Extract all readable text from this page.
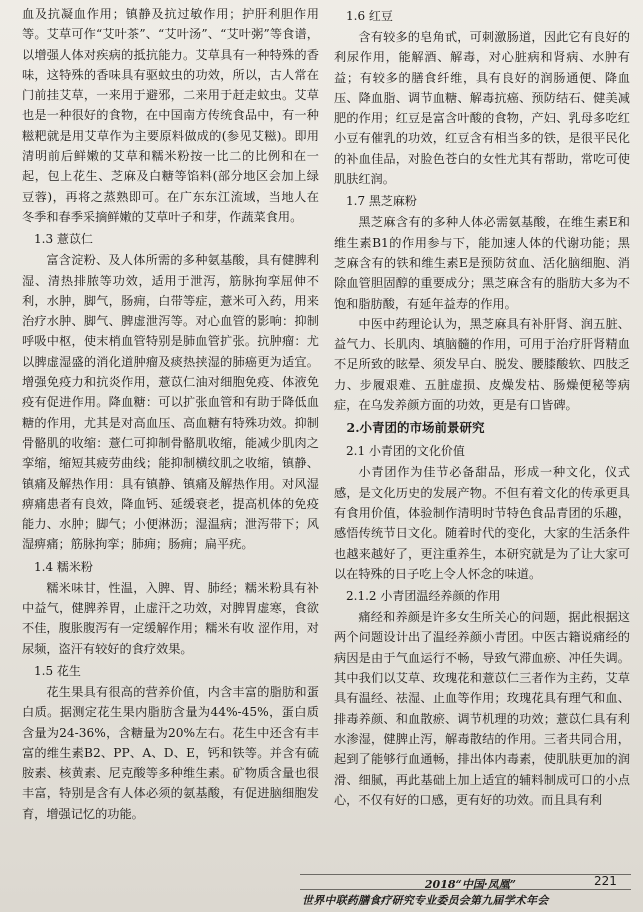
血及抗凝血作用；镇静及抗过敏作用；护肝利胆作用等。艾草可作“艾叶茶”、“艾叶汤”、“艾叶粥”等食谱，以增强人体对疾病的抵抗能力。艾草具有一种特殊的香味，这特殊的香味具有驱蚊虫的功效，所以，古人常在门前挂艾草，一来用于避邪，二来用于赶走蚊虫。艾草也是一种很好的食物，在中国南方传统食品中，有一种糍粑就是用艾草作为主要原料做成的(参见艾糍)。即用清明前后鲜嫩的艾草和糯米粉按一比二的比例和在一起，包上花生、芝麻及白糖等馅料(部分地区会加上绿豆蓉)，再将之蒸熟即可。在广东东江流域，当地人在冬季和春季采摘鲜嫩的艾草叶子和芽，作蔬菜食用。

1.3 薏苡仁

富含淀粉、及人体所需的多种氨基酸，具有健脾利湿、清热排脓等功效，适用于泄泻，筋脉拘挛屈伸不利，水肿，脚气，肠痈，白带等症，薏米可入药，用来治疗水肿、脚气、脾虚泄泻等。对心血管的影响：抑制呼吸中枢，使末梢血管特别是肺血管扩张。抗肿瘤：尤以脾虚湿盛的消化道肿瘤及痰热挟湿的肺癌更为适宜。增强免疫力和抗炎作用，薏苡仁油对细胞免疫、体液免疫有促进作用。降血糖：可以扩张血管和有助于降低血糖的作用，尤其是对高血压、高血糖有特殊功效。抑制骨骼肌的收缩：薏仁可抑制骨骼肌收缩，能减少肌肉之挛缩，缩短其疲劳曲线；能抑制横纹肌之收缩，镇静、镇痛及解热作用：具有镇静、镇痛及解热作用。对风湿痹痛患者有良效，降血钙、延缓衰老，提高机体的免疫能力、水肿；脚气；小便淋沥；湿温病；泄泻带下；风湿痹痛；筋脉拘挛；肺痈；肠痈；扁平疣。

1.4 糯米粉

糯米味甘，性温，入脾、胃、肺经；糯米粉具有补中益气，健脾养胃，止虚汗之功效，对脾胃虚寒，食欲不佳，腹胀腹泻有一定缓解作用；糯米有收 涩作用，对尿频，盗汗有较好的食疗效果。

1.5 花生

花生果具有很高的营养价值，内含丰富的脂肪和蛋白质。据测定花生果内脂肪含量为44%-45%，蛋白质含量为24-36%，含糖量为20%左右。花生中还含有丰富的维生素B2、PP、A、D、E，钙和铁等。并含有硫胺素、核黄素、尼克酸等多种维生素。矿物质含量也很丰富，特别是含有人体必须的氨基酸，有促进脑细胞发育，增强记忆的功能。

1.6 红豆

含有较多的皂角甙，可刺激肠道，因此它有良好的利尿作用，能解酒、解毒，对心脏病和肾病、水肿有益；有较多的膳食纤维，具有良好的润肠通便、降血压、降血脂、调节血糖、解毒抗癌、预防结石、健美减肥的作用；红豆是富含叶酸的食物，产妇、乳母多吃红小豆有催乳的功效，红豆含有相当多的铁，是很平民化的补血佳品，对脸色苍白的女性尤其有帮助，常吃可使肌肤红润。

1.7 黑芝麻粉

黑芝麻含有的多种人体必需氨基酸，在维生素E和维生素B1的作用参与下，能加速人体的代谢功能；黑芝麻含有的铁和维生素E是预防贫血、活化脑细胞、消除血管胆固醇的重要成分；黑芝麻含有的脂肪大多为不饱和脂肪酸，有延年益寿的作用。

中医中药理论认为，黑芝麻具有补肝肾、润五脏、益气力、长肌肉、填脑髓的作用，可用于治疗肝肾精血不足所致的眩晕、须发早白、脱发、腰膝酸软、四肢乏力、步履艰难、五脏虚损、皮燥发枯、肠燥便秘等病症，在乌发养颜方面的功效，更是有口皆碑。

2.小青团的市场前景研究
2.1 小青团的文化价值

小青团作为佳节必备甜品，形成一种文化，仪式感，是文化历史的发展产物。不但有着文化的传承更具有食用价值，体验制作清明时节特色食品青团的乐趣，感悟传统节日文化。随着时代的变化，大家的生活条件也越来越好了，更注重养生，本研究就是为了让大家可以在特殊的日子吃上令人怀念的味道。

2.1.2 小青团温经养颜的作用

痛经和养颜是许多女生所关心的问题，据此根据这两个问题设计出了温经养颜小青团。中医古籍说痛经的病因是由于气血运行不畅，导致气滞血瘀、冲任失调。其中我们以艾草、玫瑰花和薏苡仁三者作为主药，艾草具有温经、祛湿、止血等作用；玫瑰花具有理气和血、排毒养颜、和血散瘀、调节机理的功效；薏苡仁具有利水渗湿，健脾止泻，解毒散结的作用。三者共同合用，起到了能够行血通畅，排出体内毒素，使肌肤更加的润滑、细腻，再此基础上加上适宜的辅料制成可口的小点心，不仅有好的口感，更有好的功效。而且具有利

2018“中国·凤凰”	221
世界中联药膳食疗研究专业委员会第九届学术年会
